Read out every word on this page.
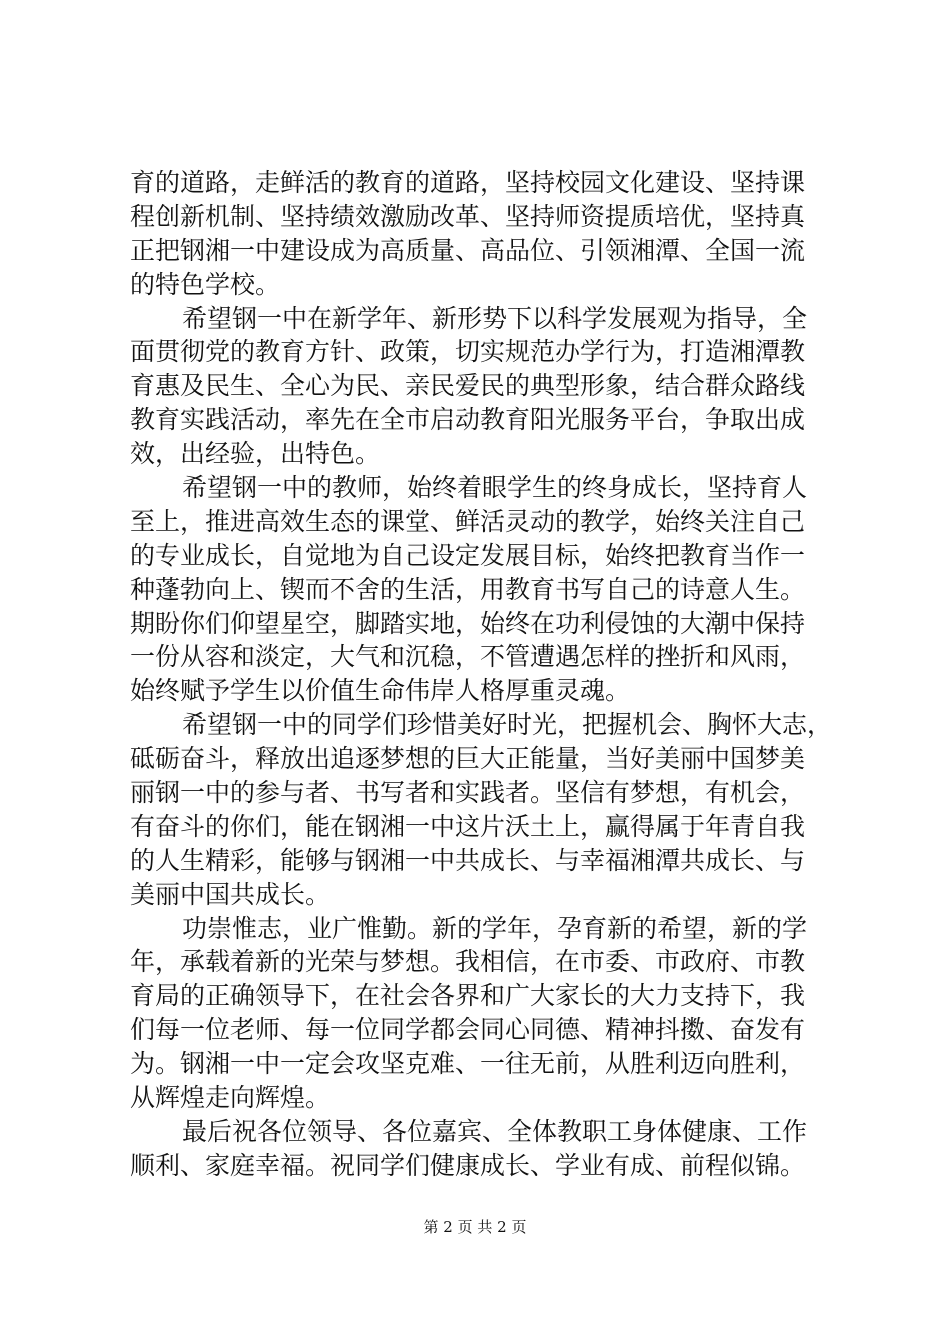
育的道路，走鲜活的教育的道路，坚持校园文化建设、坚持课
程创新机制、坚持绩效激励改革、坚持师资提质培优，坚持真
正把钢湘一中建设成为高质量、高品位、引领湘潭、全国一流
的特色学校。
希望钢一中在新学年、新形势下以科学发展观为指导，全
面贯彻党的教育方针、政策，切实规范办学行为，打造湘潭教
育惠及民生、全心为民、亲民爱民的典型形象，结合群众路线
教育实践活动，率先在全市启动教育阳光服务平台，争取出成
效，出经验，出特色。
希望钢一中的教师，始终着眼学生的终身成长，坚持育人
至上，推进高效生态的课堂、鲜活灵动的教学，始终关注自己
的专业成长，自觉地为自己设定发展目标，始终把教育当作一
种蓬勃向上、锲而不舍的生活，用教育书写自己的诗意人生。
期盼你们仰望星空，脚踏实地，始终在功利侵蚀的大潮中保持
一份从容和淡定，大气和沉稳，不管遭遇怎样的挫折和风雨，
始终赋予学生以价值生命伟岸人格厚重灵魂。
希望钢一中的同学们珍惜美好时光，把握机会、胸怀大志，
砥砺奋斗，释放出追逐梦想的巨大正能量，当好美丽中国梦美
丽钢一中的参与者、书写者和实践者。坚信有梦想，有机会，
有奋斗的你们，能在钢湘一中这片沃土上，赢得属于年青自我
的人生精彩，能够与钢湘一中共成长、与幸福湘潭共成长、与
美丽中国共成长。
功崇惟志，业广惟勤。新的学年，孕育新的希望，新的学
年，承载着新的光荣与梦想。我相信，在市委、市政府、市教
育局的正确领导下，在社会各界和广大家长的大力支持下，我
们每一位老师、每一位同学都会同心同德、精神抖擞、奋发有
为。钢湘一中一定会攻坚克难、一往无前，从胜利迈向胜利，
从辉煌走向辉煌。
最后祝各位领导、各位嘉宾、全体教职工身体健康、工作
顺利、家庭幸福。祝同学们健康成长、学业有成、前程似锦。
第 2 页 共 2 页
